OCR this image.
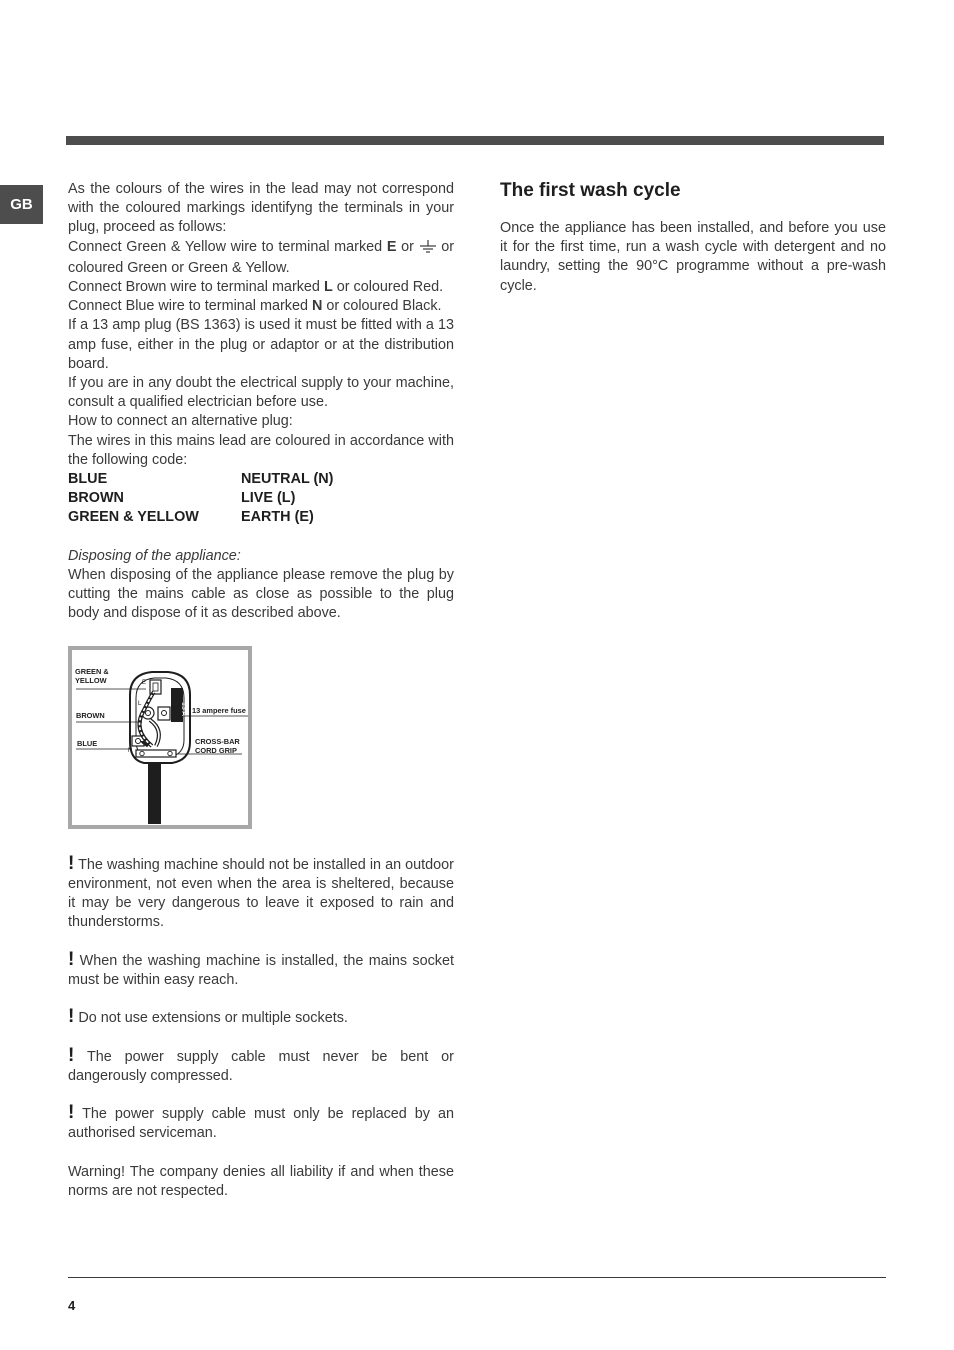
GB

As the colours of the wires in the lead may not correspond with the coloured markings identifyng the terminals in your plug, proceed as follows:

Connect Green & Yellow wire to terminal marked E or  or coloured Green or Green & Yellow.

Connect Brown wire to terminal marked L or coloured Red.

Connect Blue wire to terminal marked N or coloured Black.

If a 13 amp plug (BS 1363) is used it must be fitted with a 13 amp fuse, either in the plug or adaptor or at the distribution board.

If you are in any doubt the electrical supply to your machine, consult a qualified electrician before use.

How to connect an alternative plug:

The wires in this mains lead are coloured in accordance with the following code:

BLUE	NEUTRAL (N)
BROWN	LIVE (L)
GREEN & YELLOW	EARTH (E)

Disposing of the appliance:

When disposing of the appliance please remove the plug by cutting the mains cable as close as possible to the plug body and dispose of it as described above.

! The washing machine should not be installed in an outdoor environment, not even when the area is sheltered, because it may be very dangerous to leave it exposed to rain and thunderstorms.

! When the washing machine is installed, the mains socket must be within easy reach.

! Do not use extensions or multiple sockets.

! The power supply cable must never be bent or dangerously compressed.

! The power supply cable must only be replaced by an authorised serviceman.

Warning! The company denies all liability if and when these norms are not respected.

E
13 A
L
N
GREEN &
YELLOW
BROWN
BLUE
13 ampere fuse
CROSS-BAR
CORD GRIP
The first wash cycle

Once the appliance has been installed, and before you use it for the first time, run a wash cycle with detergent and no laundry, setting the 90°C programme without a pre-wash cycle.

4
